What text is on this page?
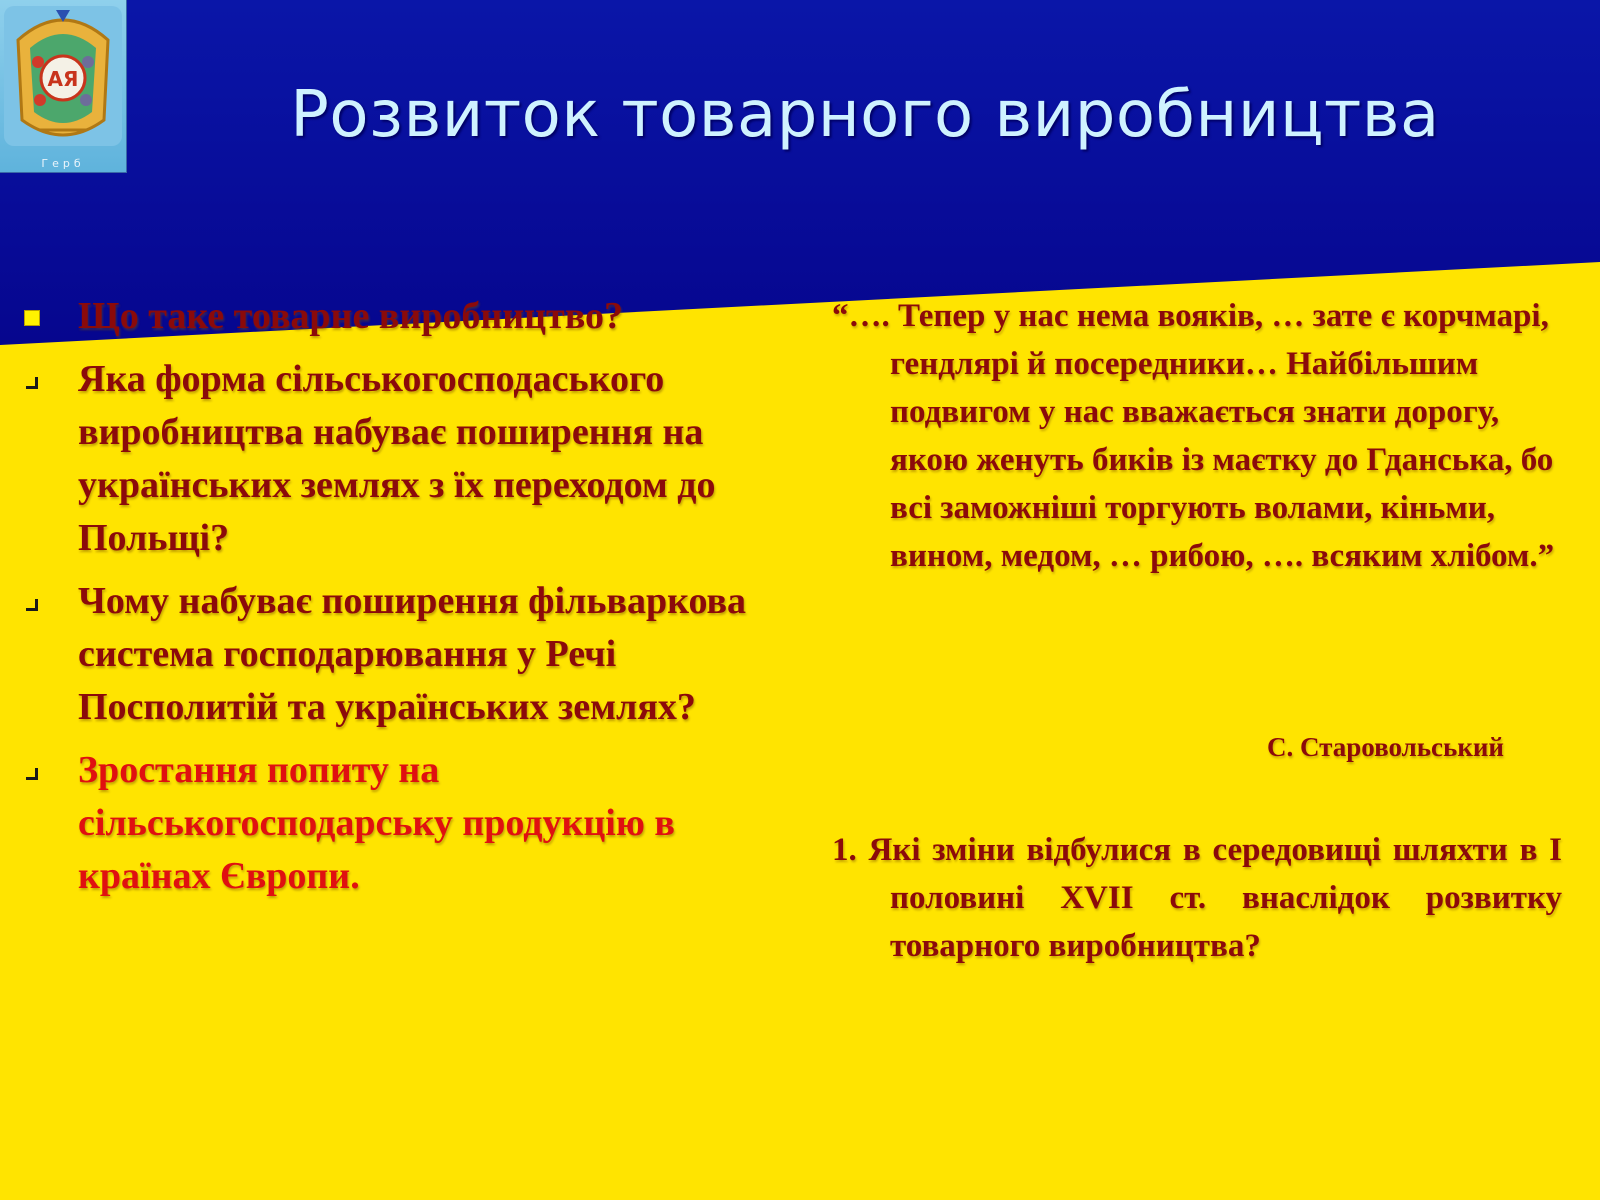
АЯ
Герб
Розвиток товарного виробництва
Що таке товарне виробництво?
Яка форма сільськогосподаського виробництва набуває поширення на українських землях з їх переходом до Польщі?
Чому набуває поширення фільваркова система господарювання у Речі Посполитій та українських землях?
Зростання попиту на сільськогосподарську продукцію в країнах Європи.

“…. Тепер у нас нема вояків, … зате є корчмарі, гендлярі й посередники… Найбільшим подвигом у нас вважається знати дорогу, якою женуть биків із маєтку до Гданська, бо всі заможніші торгують волами, кіньми, вином, медом, … рибою, …. всяким хлібом.”

С. Старовольський

1. Які зміни відбулися в середовищі шляхти в І половині XVII ст. внаслідок розвитку товарного виробництва?
